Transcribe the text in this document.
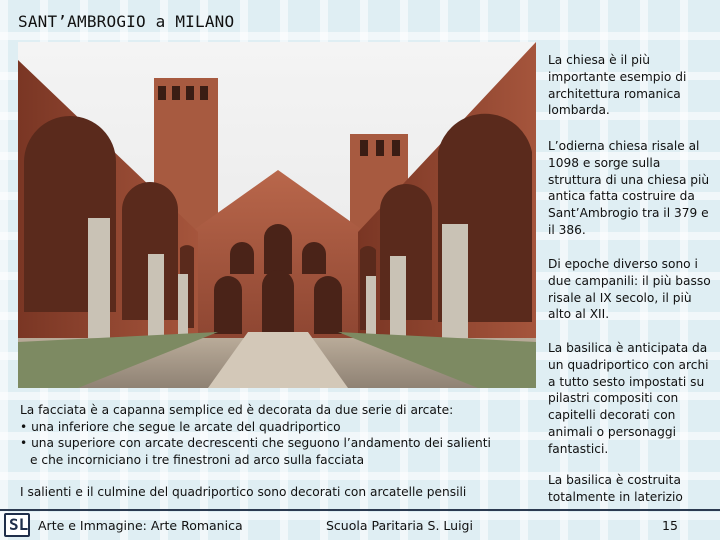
SANT’AMBROGIO a MILANO

La chiesa è il più importante esempio di architettura romanica lombarda.

L’odierna chiesa risale al 1098 e sorge sulla struttura di una chiesa più antica fatta costruire da Sant’Ambrogio tra il 379 e il 386.

Di epoche diverso sono i due campanili: il più basso risale al IX secolo, il più alto al XII.

La basilica è anticipata da un quadriportico con archi a tutto sesto impostati su pilastri compositi con capitelli decorati con animali o personaggi fantastici.

La basilica è costruita totalmente in laterizio

La facciata è a capanna semplice ed è decorata da due serie di arcate:
• una inferiore che segue le arcate del quadriportico
• una superiore con arcate decrescenti che seguono l’andamento dei salienti
e che incorniciano i tre finestroni ad arco sulla facciata
I salienti e il culmine del quadriportico sono decorati con arcatelle pensili
SL Arte e Immagine: Arte Romanica	Scuola Paritaria S. Luigi	15
